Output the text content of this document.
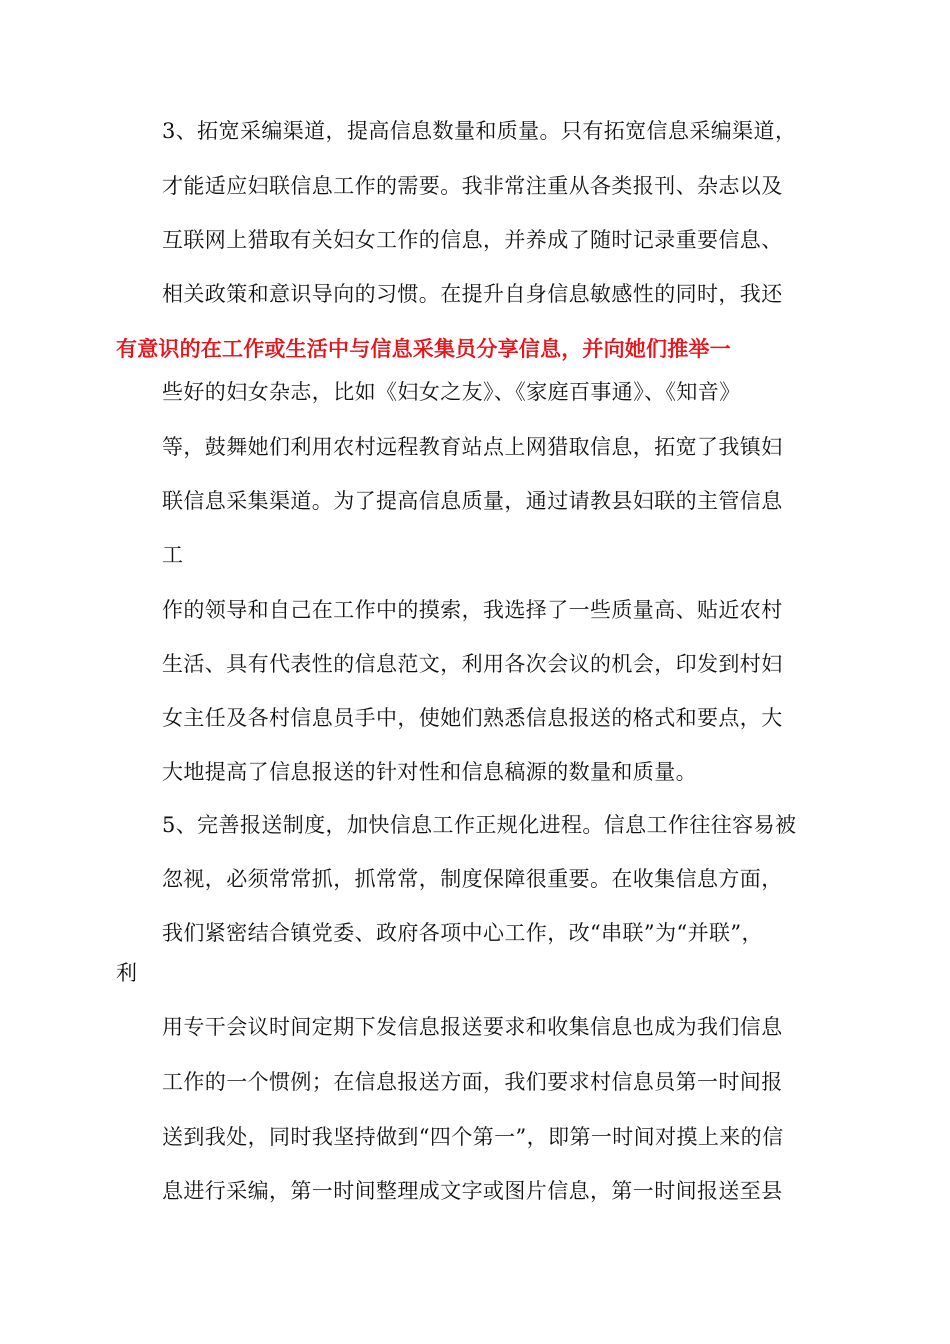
3、拓宽采编渠道，提高信息数量和质量。只有拓宽信息采编渠道，
才能适应妇联信息工作的需要。我非常注重从各类报刊、杂志以及
互联网上猎取有关妇女工作的信息，并养成了随时记录重要信息、
相关政策和意识导向的习惯。在提升自身信息敏感性的同时，我还
有意识的在工作或生活中与信息采集员分享信息，并向她们推举一
些好的妇女杂志，比如《妇女之友》、《家庭百事通》、《知音》
等，鼓舞她们利用农村远程教育站点上网猎取信息，拓宽了我镇妇
联信息采集渠道。为了提高信息质量，通过请教县妇联的主管信息
工
作的领导和自己在工作中的摸索，我选择了一些质量高、贴近农村
生活、具有代表性的信息范文，利用各次会议的机会，印发到村妇
女主任及各村信息员手中，使她们熟悉信息报送的格式和要点，大
大地提高了信息报送的针对性和信息稿源的数量和质量。
5、完善报送制度，加快信息工作正规化进程。信息工作往往容易被
忽视，必须常常抓，抓常常，制度保障很重要。在收集信息方面，
我们紧密结合镇党委、政府各项中心工作，改“串联”为“并联”，
利
用专干会议时间定期下发信息报送要求和收集信息也成为我们信息
工作的一个惯例；在信息报送方面，我们要求村信息员第一时间报
送到我处，同时我坚持做到“四个第一”，即第一时间对摸上来的信
息进行采编，第一时间整理成文字或图片信息，第一时间报送至县
